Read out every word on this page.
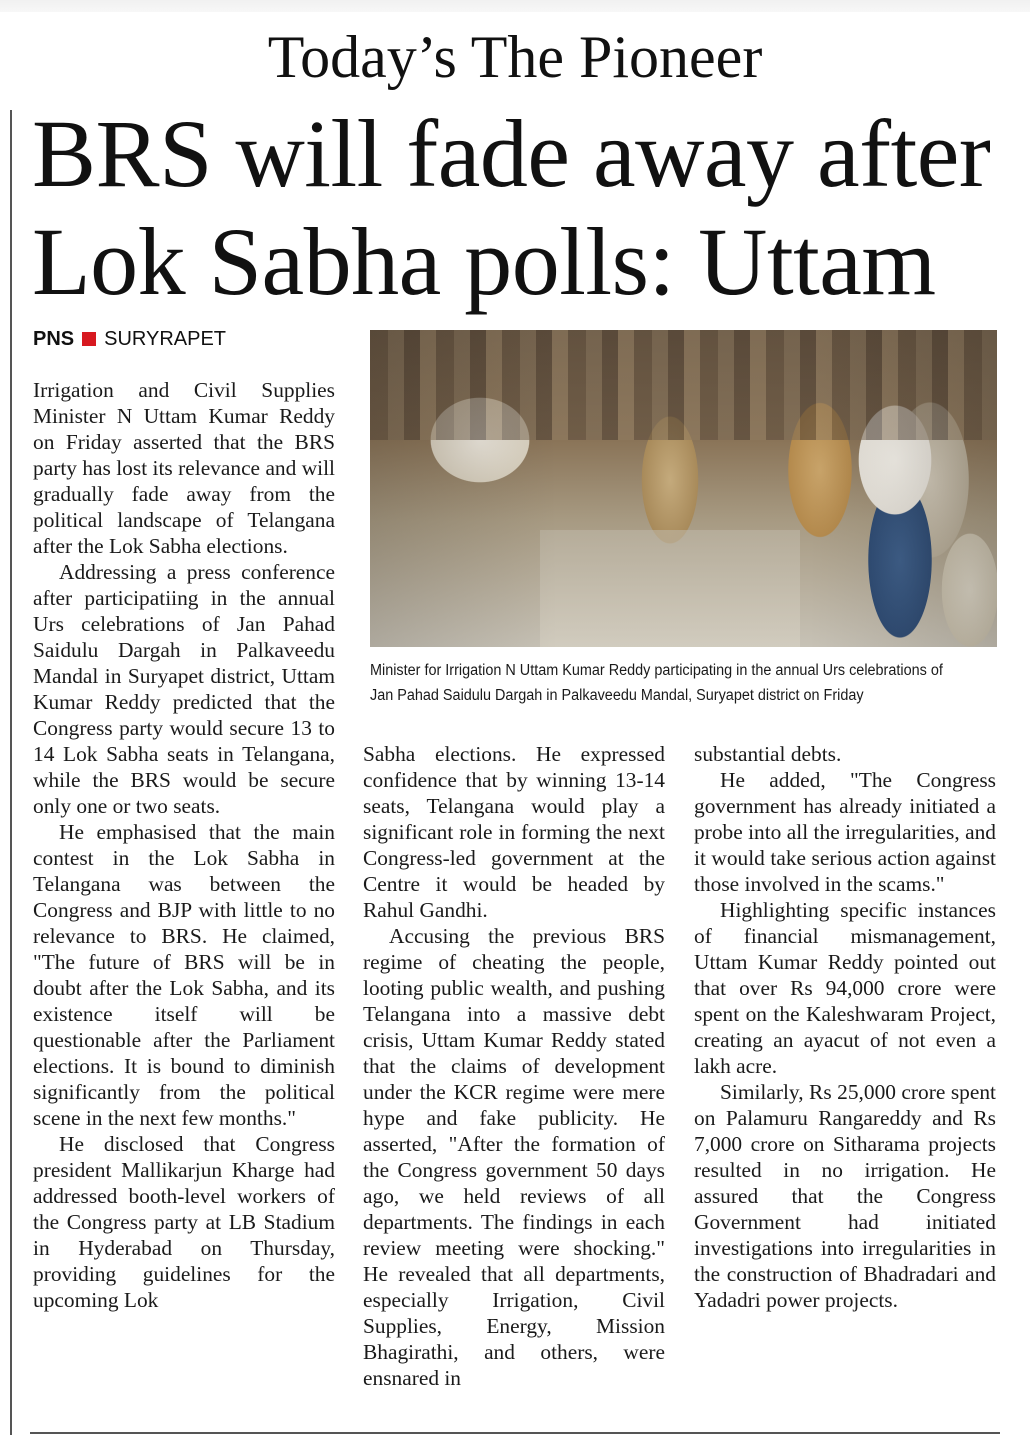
Today’s The Pioneer
BRS will fade away after
Lok Sabha polls: Uttam
PNS SURYRAPET
Minister for Irrigation N Uttam Kumar Reddy participating in the annual Urs celebrations of
Jan Pahad Saidulu Dargah in Palkaveedu Mandal, Suryapet district on Friday

Irrigation and Civil Supplies Minister N Uttam Kumar Reddy on Friday asserted that the BRS party has lost its relevance and will gradually fade away from the political landscape of Telangana after the Lok Sabha elections.

Addressing a press conference after participatiing in the annual Urs celebrations of Jan Pahad Saidulu Dargah in Palkaveedu Mandal in Suryapet district, Uttam Kumar Reddy predicted that the Congress party would secure 13 to 14 Lok Sabha seats in Telangana, while the BRS would be secure only one or two seats.

He emphasised that the main contest in the Lok Sabha in Telangana was between the Congress and BJP with little to no relevance to BRS. He claimed, "The future of BRS will be in doubt after the Lok Sabha, and its existence itself will be questionable after the Parliament elections. It is bound to diminish significantly from the political scene in the next few months."

He disclosed that Congress president Mallikarjun Kharge had addressed booth-level workers of the Congress party at LB Stadium in Hyderabad on Thursday, providing guidelines for the upcoming Lok

Sabha elections. He expressed confidence that by winning 13-14 seats, Telangana would play a significant role in forming the next Congress-led government at the Centre it would be headed by Rahul Gandhi.

Accusing the previous BRS regime of cheating the people, looting public wealth, and pushing Telangana into a massive debt crisis, Uttam Kumar Reddy stated that the claims of development under the KCR regime were mere hype and fake publicity. He asserted, "After the formation of the Congress government 50 days ago, we held reviews of all departments. The findings in each review meeting were shocking." He revealed that all departments, especially Irrigation, Civil Supplies, Energy, Mission Bhagirathi, and others, were ensnared in

substantial debts.

He added, "The Congress government has already initiated a probe into all the irregularities, and it would take serious action against those involved in the scams."

Highlighting specific instances of financial mismanagement, Uttam Kumar Reddy pointed out that over Rs 94,000 crore were spent on the Kaleshwaram Project, creating an ayacut of not even a lakh acre.

Similarly, Rs 25,000 crore spent on Palamuru Rangareddy and Rs 7,000 crore on Sitharama projects resulted in no irrigation. He assured that the Congress Government had initiated investigations into irregularities in the construction of Bhadradari and Yadadri power projects.
